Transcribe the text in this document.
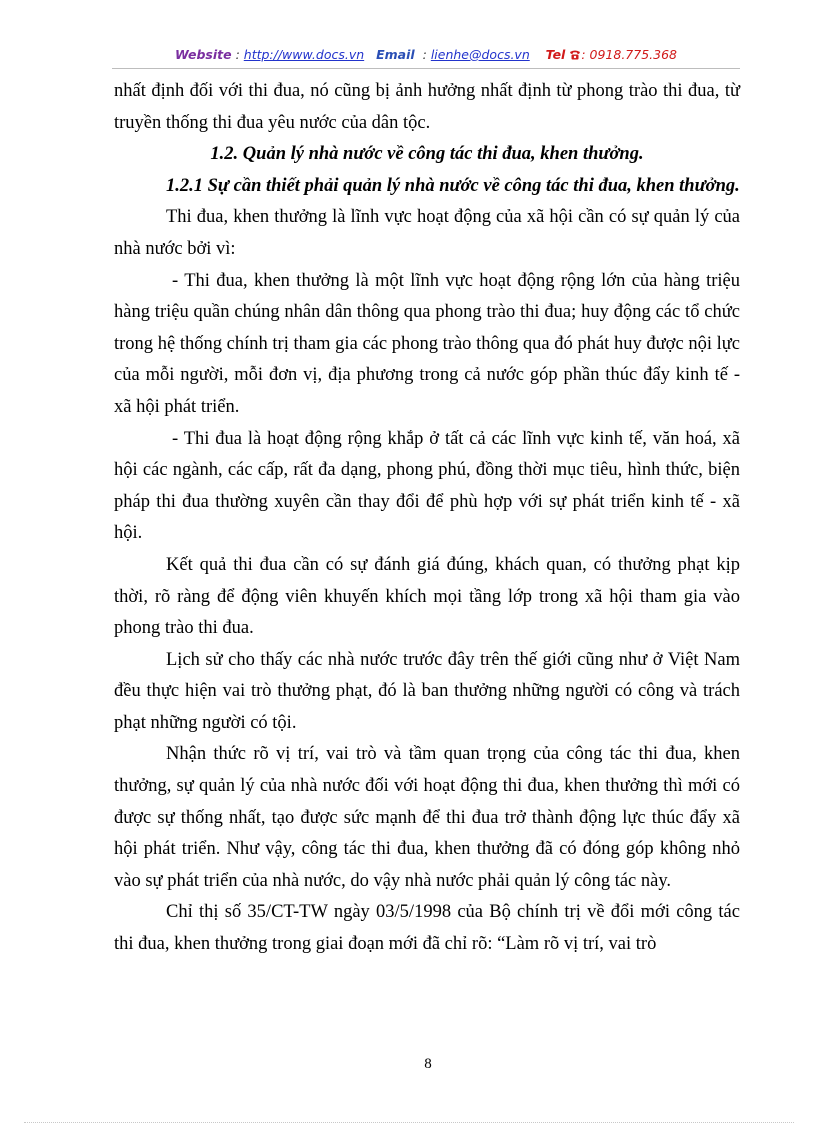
Website : http://www.docs.vn Email  : lienhe@docs.vn Tel : 0918.775.368

nhất định đối với thi đua, nó cũng bị ảnh hưởng nhất định từ phong trào thi đua, từ truyền thống thi đua yêu nước của dân tộc.

1.2. Quản lý nhà nước về công tác thi đua, khen thưởng.

1.2.1 Sự cần thiết phải quản lý nhà nước về công tác thi đua, khen thưởng.

Thi đua, khen thưởng là lĩnh vực hoạt động của xã hội cần có sự quản lý của nhà nước bởi vì:

- Thi đua, khen thưởng là một lĩnh vực hoạt động rộng lớn của hàng triệu hàng triệu quần chúng nhân dân thông qua phong trào thi đua; huy động các tổ chức trong hệ thống chính trị tham gia các phong trào thông qua đó phát huy được nội lực của mỗi người, mỗi đơn vị, địa phương trong cả nước góp phần thúc đẩy kinh tế - xã hội phát triển.

- Thi đua là hoạt động rộng khắp ở tất cả các lĩnh vực kinh tế, văn hoá, xã hội các ngành, các cấp, rất đa dạng, phong phú, đồng thời mục tiêu, hình thức, biện pháp thi đua thường xuyên cần thay đổi để phù hợp với sự phát triển kinh tế - xã hội.

Kết quả thi đua cần có sự đánh giá đúng, khách quan, có thưởng phạt kịp thời, rõ ràng để động viên khuyến khích mọi tầng lớp trong xã hội tham gia vào phong trào thi đua.

Lịch sử cho thấy các nhà nước trước đây trên thế giới cũng như ở Việt Nam đều thực hiện vai trò thưởng phạt, đó là ban thưởng những người có công và trách phạt những người có tội.

Nhận thức rõ vị trí, vai trò và tầm quan trọng của công tác thi đua, khen thưởng, sự quản lý của nhà nước đối với hoạt động thi đua, khen thưởng thì mới có được sự thống nhất, tạo được sức mạnh để thi đua trở thành động lực thúc đẩy xã hội phát triển. Như vậy, công tác thi đua, khen thưởng đã có đóng góp không nhỏ vào sự phát triển của nhà nước, do vậy nhà nước phải quản lý công tác này.

Chỉ thị số 35/CT-TW ngày 03/5/1998 của Bộ chính trị về đổi mới công tác thi đua, khen thưởng trong giai đoạn mới đã chỉ rõ: “Làm rõ vị trí, vai trò

8
